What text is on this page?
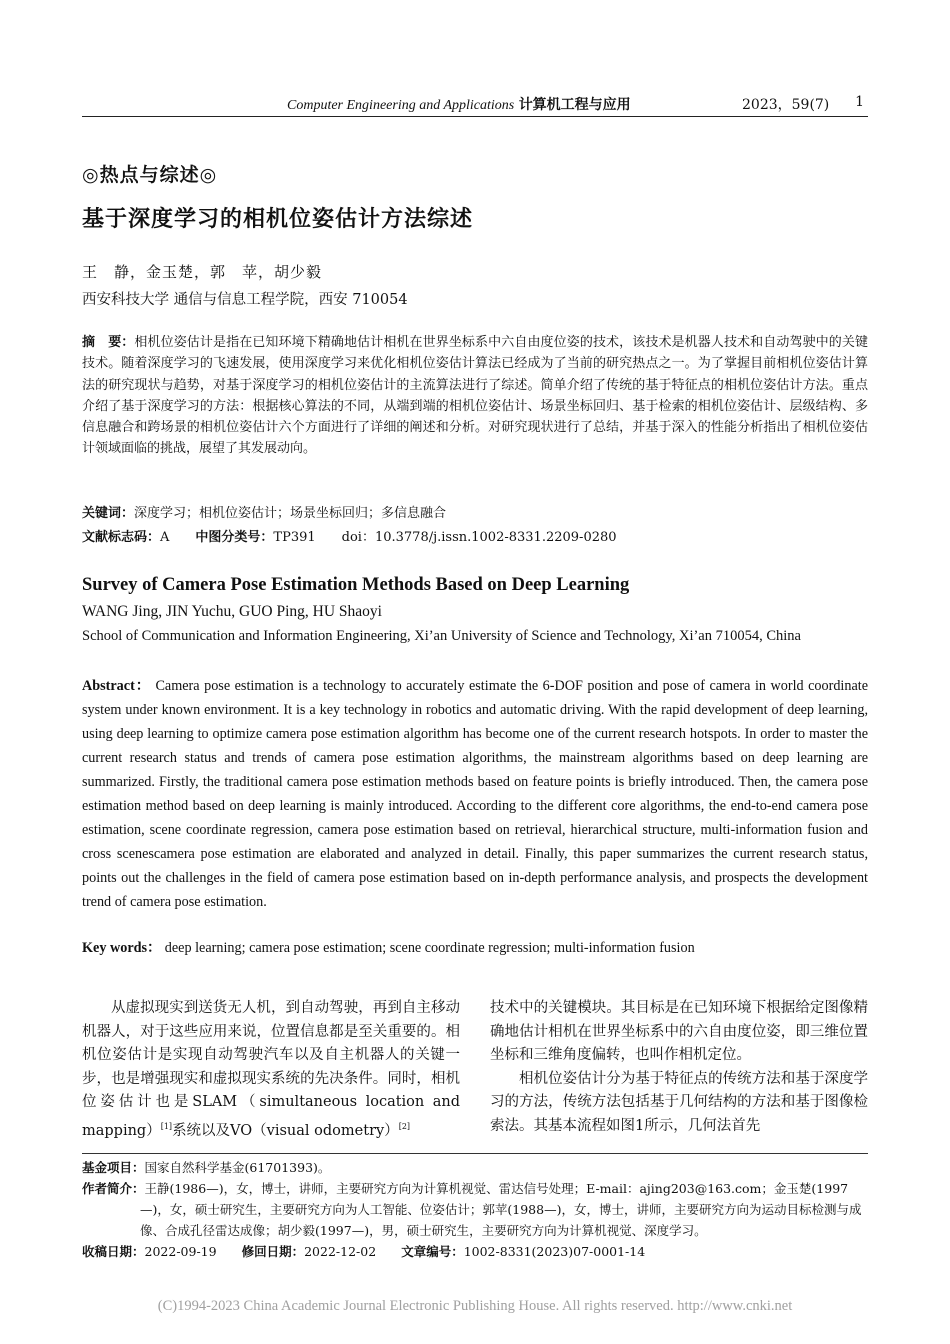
Computer Engineering and Applications 计算机工程与应用	2023，59(7) 1
◎热点与综述◎
基于深度学习的相机位姿估计方法综述
王　静，金玉楚，郭　苹，胡少毅
西安科技大学 通信与信息工程学院，西安 710054
摘　要：相机位姿估计是指在已知环境下精确地估计相机在世界坐标系中六自由度位姿的技术，该技术是机器人技术和自动驾驶中的关键技术。随着深度学习的飞速发展，使用深度学习来优化相机位姿估计算法已经成为了当前的研究热点之一。为了掌握目前相机位姿估计算法的研究现状与趋势，对基于深度学习的相机位姿估计的主流算法进行了综述。简单介绍了传统的基于特征点的相机位姿估计方法。重点介绍了基于深度学习的方法：根据核心算法的不同，从端到端的相机位姿估计、场景坐标回归、基于检索的相机位姿估计、层级结构、多信息融合和跨场景的相机位姿估计六个方面进行了详细的阐述和分析。对研究现状进行了总结，并基于深入的性能分析指出了相机位姿估计领域面临的挑战，展望了其发展动向。
关键词：深度学习；相机位姿估计；场景坐标回归；多信息融合
文献标志码：A   中图分类号：TP391   doi：10.3778/j.issn.1002-8331.2209-0280
Survey of Camera Pose Estimation Methods Based on Deep Learning
WANG Jing, JIN Yuchu, GUO Ping, HU Shaoyi
School of Communication and Information Engineering, Xi’an University of Science and Technology, Xi’an 710054, China
Abstract： Camera pose estimation is a technology to accurately estimate the 6-DOF position and pose of camera in world coordinate system under known environment. It is a key technology in robotics and automatic driving. With the rapid development of deep learning, using deep learning to optimize camera pose estimation algorithm has become one of the current research hotspots. In order to master the current research status and trends of camera pose estimation algorithms, the mainstream algorithms based on deep learning are summarized. Firstly, the traditional camera pose estimation methods based on feature points is briefly introduced. Then, the camera pose estimation method based on deep learning is mainly introduced. According to the different core algorithms, the end-to-end camera pose estimation, scene coordinate regression, camera pose estimation based on retrieval, hierarchical structure, multi-information fusion and cross scenescamera pose estimation are elaborated and analyzed in detail. Finally, this paper summarizes the current research status, points out the challenges in the field of camera pose estimation based on in-depth performance analysis, and prospects the development trend of camera pose estimation.
Key words： deep learning; camera pose estimation; scene coordinate regression; multi-information fusion

从虚拟现实到送货无人机，到自动驾驶，再到自主移动机器人，对于这些应用来说，位置信息都是至关重要的。相机位姿估计是实现自动驾驶汽车以及自主机器人的关键一步，也是增强现实和虚拟现实系统的先决条件。同时，相机位姿估计也是SLAM（simultaneous location and mapping）[1]系统以及VO（visual odometry）[2]

技术中的关键模块。其目标是在已知环境下根据给定图像精确地估计相机在世界坐标系中的六自由度位姿，即三维位置坐标和三维角度偏转，也叫作相机定位。

相机位姿估计分为基于特征点的传统方法和基于深度学习的方法，传统方法包括基于几何结构的方法和基于图像检索法。其基本流程如图1所示，几何法首先

基金项目：国家自然科学基金(61701393)。
作者简介：王静(1986—)，女，博士，讲师，主要研究方向为计算机视觉、雷达信号处理；E-mail：ajing203@163.com；金玉楚(1997—)，女，硕士研究生，主要研究方向为人工智能、位姿估计；郭苹(1988—)，女，博士，讲师，主要研究方向为运动目标检测与成像、合成孔径雷达成像；胡少毅(1997—)，男，硕士研究生，主要研究方向为计算机视觉、深度学习。
收稿日期：2022-09-19   修回日期：2022-12-02   文章编号：1002-8331(2023)07-0001-14
(C)1994-2023 China Academic Journal Electronic Publishing House. All rights reserved. http://www.cnki.net
